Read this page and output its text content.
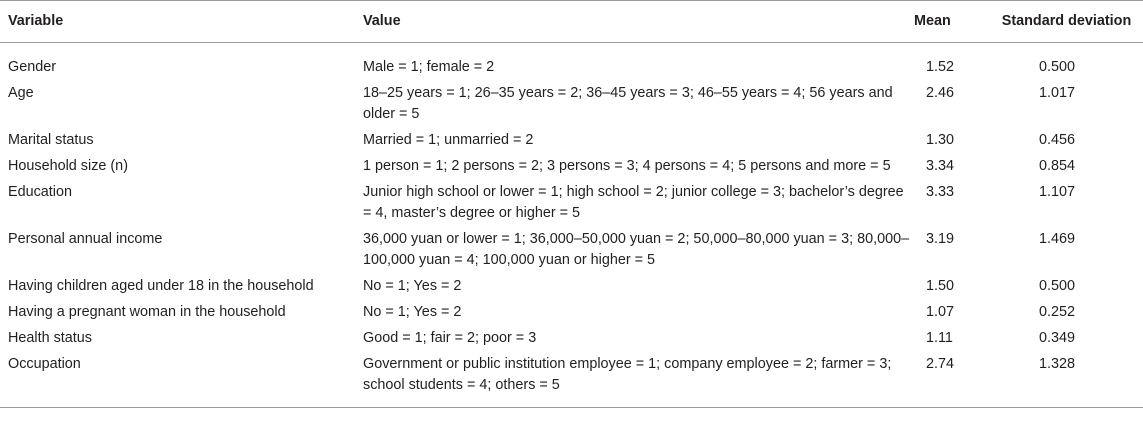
Variable	Value	Mean	Standard deviation
Gender	Male = 1; female = 2	1.52	0.500
Age	18–25 years = 1; 26–35 years = 2; 36–45 years = 3; 46–55 years = 4; 56 years and older = 5	2.46	1.017
Marital status	Married = 1; unmarried = 2	1.30	0.456
Household size (n)	1 person = 1; 2 persons = 2; 3 persons = 3; 4 persons = 4; 5 persons and more = 5	3.34	0.854
Education	Junior high school or lower = 1; high school = 2; junior college = 3; bachelor’s degree = 4, master’s degree or higher = 5	3.33	1.107
Personal annual income	36,000 yuan or lower = 1; 36,000–50,000 yuan = 2; 50,000–80,000 yuan = 3; 80,000–100,000 yuan = 4; 100,000 yuan or higher = 5	3.19	1.469
Having children aged under 18 in the household	No = 1; Yes = 2	1.50	0.500
Having a pregnant woman in the household	No = 1; Yes = 2	1.07	0.252
Health status	Good = 1; fair = 2; poor = 3	1.11	0.349
Occupation	Government or public institution employee = 1; company employee = 2; farmer = 3; school students = 4; others = 5	2.74	1.328
